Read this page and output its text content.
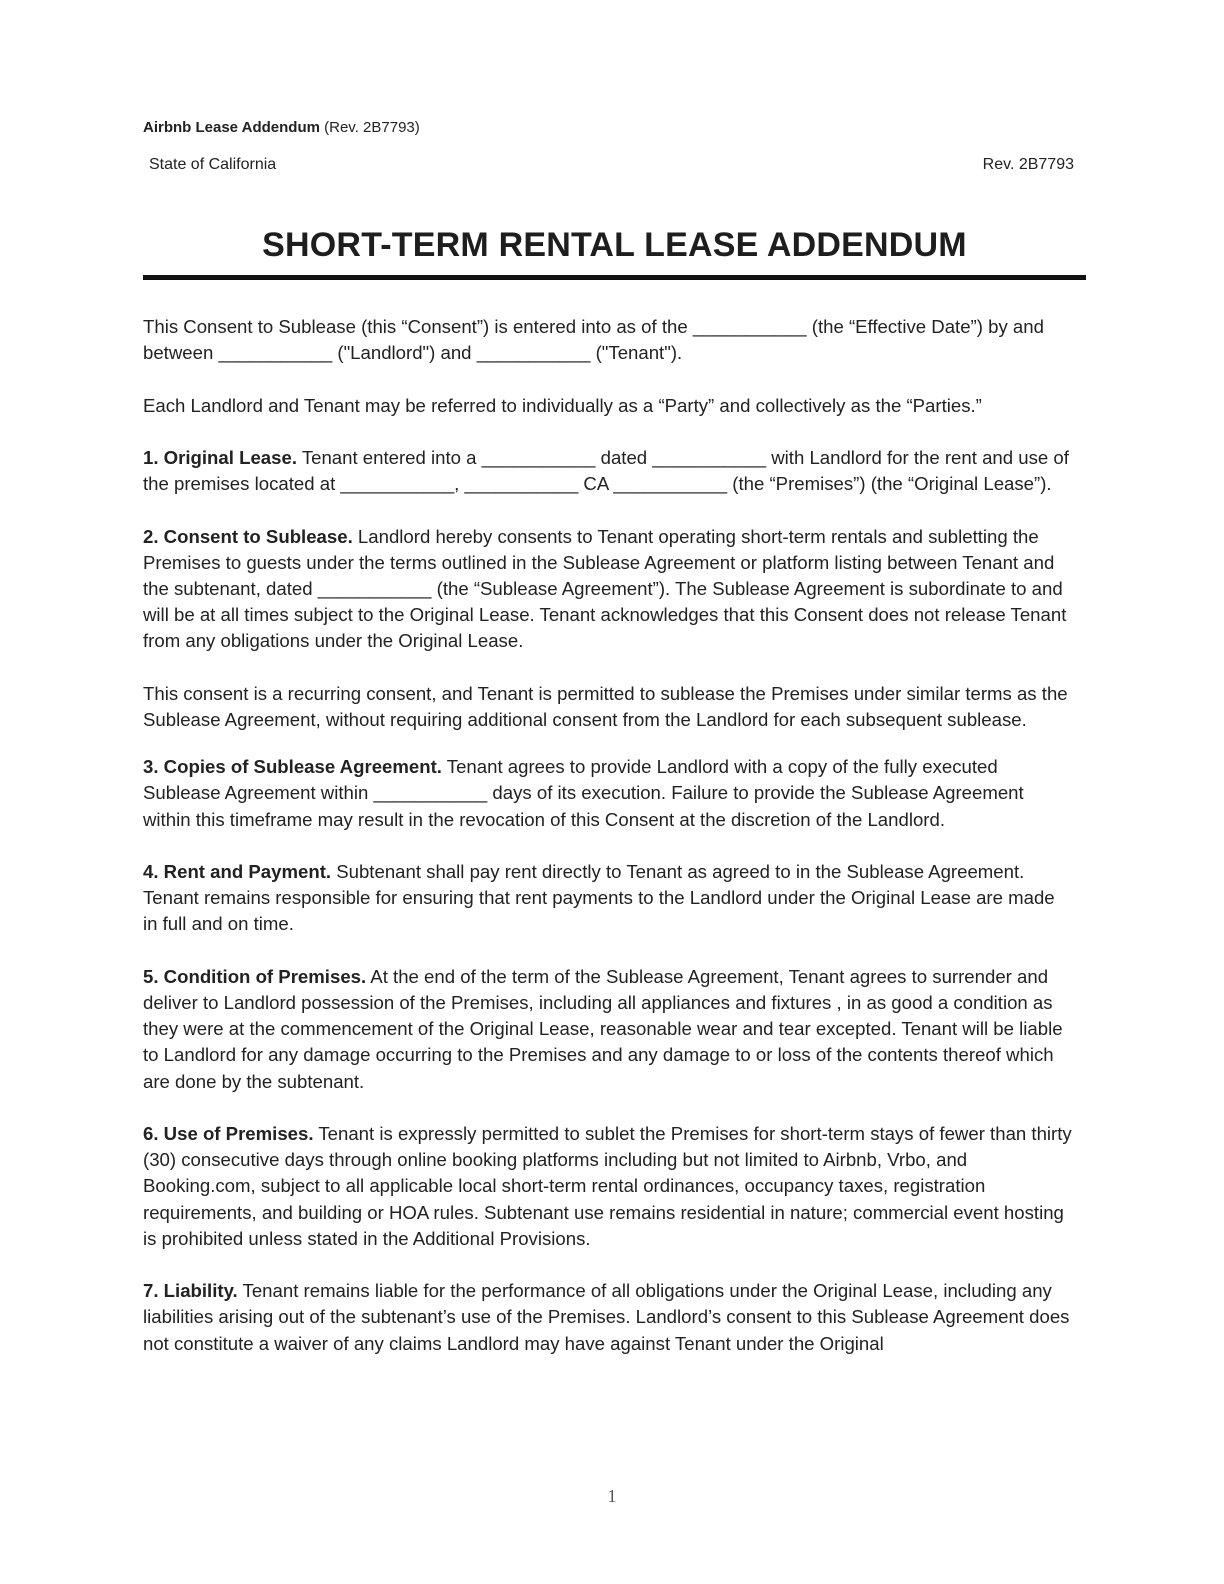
Airbnb Lease Addendum (Rev. 2B7793)
State of California	Rev. 2B7793
SHORT-TERM RENTAL LEASE ADDENDUM

This Consent to Sublease (this “Consent”) is entered into as of the ___________ (the “Effective Date”) by and between ___________ ("Landlord") and ___________ ("Tenant").

Each Landlord and Tenant may be referred to individually as a “Party” and collectively as the “Parties.”

1. Original Lease. Tenant entered into a ___________ dated ___________ with Landlord for the rent and use of the premises located at ___________, ___________ CA ___________ (the “Premises”) (the “Original Lease”).

2. Consent to Sublease. Landlord hereby consents to Tenant operating short-term rentals and subletting the Premises to guests under the terms outlined in the Sublease Agreement or platform listing between Tenant and the subtenant, dated ___________ (the “Sublease Agreement”). The Sublease Agreement is subordinate to and will be at all times subject to the Original Lease. Tenant acknowledges that this Consent does not release Tenant from any obligations under the Original Lease.

This consent is a recurring consent, and Tenant is permitted to sublease the Premises under similar terms as the Sublease Agreement, without requiring additional consent from the Landlord for each subsequent sublease.

3. Copies of Sublease Agreement. Tenant agrees to provide Landlord with a copy of the fully executed Sublease Agreement within ___________ days of its execution. Failure to provide the Sublease Agreement within this timeframe may result in the revocation of this Consent at the discretion of the Landlord.

4. Rent and Payment. Subtenant shall pay rent directly to Tenant as agreed to in the Sublease Agreement. Tenant remains responsible for ensuring that rent payments to the Landlord under the Original Lease are made in full and on time.

5. Condition of Premises. At the end of the term of the Sublease Agreement, Tenant agrees to surrender and deliver to Landlord possession of the Premises, including all appliances and fixtures , in as good a condition as they were at the commencement of the Original Lease, reasonable wear and tear excepted. Tenant will be liable to Landlord for any damage occurring to the Premises and any damage to or loss of the contents thereof which are done by the subtenant.

6. Use of Premises. Tenant is expressly permitted to sublet the Premises for short-term stays of fewer than thirty (30) consecutive days through online booking platforms including but not limited to Airbnb, Vrbo, and Booking.com, subject to all applicable local short-term rental ordinances, occupancy taxes, registration requirements, and building or HOA rules. Subtenant use remains residential in nature; commercial event hosting is prohibited unless stated in the Additional Provisions.

7. Liability. Tenant remains liable for the performance of all obligations under the Original Lease, including any liabilities arising out of the subtenant’s use of the Premises. Landlord’s consent to this Sublease Agreement does not constitute a waiver of any claims Landlord may have against Tenant under the Original

1
